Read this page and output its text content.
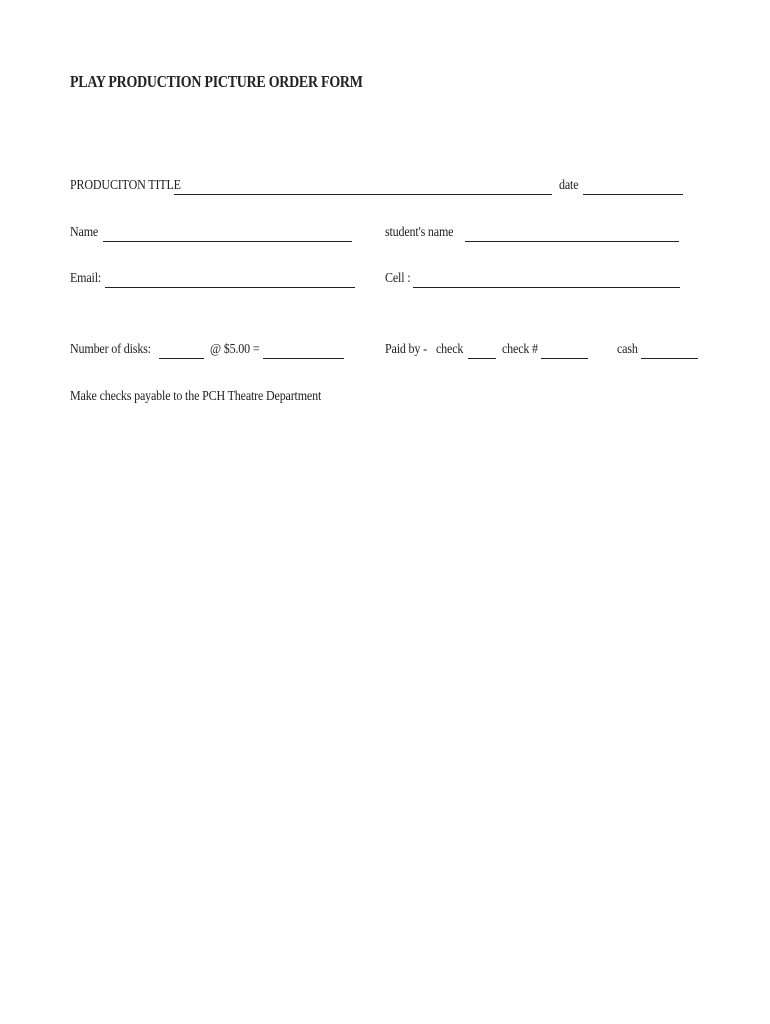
PLAY PRODUCTION PICTURE ORDER FORM
PRODUCITON TITLE	date
Name	student's name
Email:	Cell :
Number of disks:	@ $5.00 =	Paid by - check	check #	cash
Make checks payable to the PCH Theatre Department
